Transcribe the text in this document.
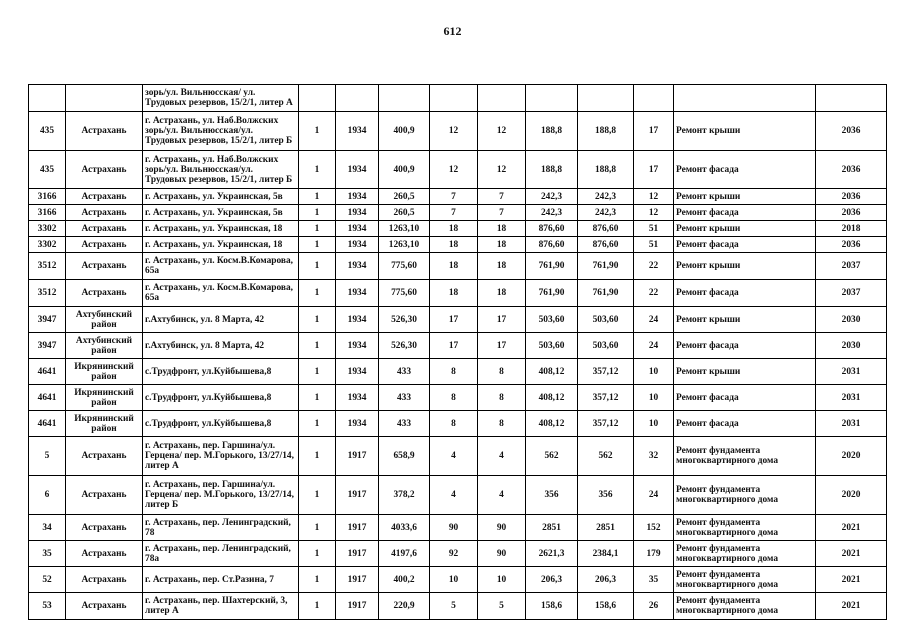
612
		зорь/ул. Вильнюсская/ ул. Трудовых резервов, 15/2/1, литер А										
435	Астрахань	г. Астрахань, ул. Наб.Волжских зорь/ул. Вильнюсская/ул. Трудовых резервов, 15/2/1, литер Б	1	1934	400,9	12	12	188,8	188,8	17	Ремонт крыши	2036
435	Астрахань	г. Астрахань, ул. Наб.Волжских зорь/ул. Вильнюсская/ул. Трудовых резервов, 15/2/1, литер Б	1	1934	400,9	12	12	188,8	188,8	17	Ремонт фасада	2036
3166	Астрахань	г. Астрахань, ул. Украинская, 5в	1	1934	260,5	7	7	242,3	242,3	12	Ремонт крыши	2036
3166	Астрахань	г. Астрахань, ул. Украинская, 5в	1	1934	260,5	7	7	242,3	242,3	12	Ремонт фасада	2036
3302	Астрахань	г. Астрахань, ул. Украинская, 18	1	1934	1263,10	18	18	876,60	876,60	51	Ремонт крыши	2018
3302	Астрахань	г. Астрахань, ул. Украинская, 18	1	1934	1263,10	18	18	876,60	876,60	51	Ремонт фасада	2036
3512	Астрахань	г. Астрахань, ул. Косм.В.Комарова, 65а	1	1934	775,60	18	18	761,90	761,90	22	Ремонт крыши	2037
3512	Астрахань	г. Астрахань, ул. Косм.В.Комарова, 65а	1	1934	775,60	18	18	761,90	761,90	22	Ремонт фасада	2037
3947	Ахтубинский район	г.Ахтубинск, ул. 8 Марта, 42	1	1934	526,30	17	17	503,60	503,60	24	Ремонт крыши	2030
3947	Ахтубинский район	г.Ахтубинск, ул. 8 Марта, 42	1	1934	526,30	17	17	503,60	503,60	24	Ремонт фасада	2030
4641	Икрянинский район	с.Трудфронт, ул.Куйбышева,8	1	1934	433	8	8	408,12	357,12	10	Ремонт крыши	2031
4641	Икрянинский район	с.Трудфронт, ул.Куйбышева,8	1	1934	433	8	8	408,12	357,12	10	Ремонт фасада	2031
4641	Икрянинский район	с.Трудфронт, ул.Куйбышева,8	1	1934	433	8	8	408,12	357,12	10	Ремонт фасада	2031
5	Астрахань	г. Астрахань, пер. Гаршина/ул. Герцена/ пер. М.Горького, 13/27/14, литер А	1	1917	658,9	4	4	562	562	32	Ремонт фундамента многоквартирного дома	2020
6	Астрахань	г. Астрахань, пер. Гаршина/ул. Герцена/ пер. М.Горького, 13/27/14, литер Б	1	1917	378,2	4	4	356	356	24	Ремонт фундамента многоквартирного дома	2020
34	Астрахань	г. Астрахань, пер. Ленинградский, 78	1	1917	4033,6	90	90	2851	2851	152	Ремонт фундамента многоквартирного дома	2021
35	Астрахань	г. Астрахань, пер. Ленинградский, 78а	1	1917	4197,6	92	90	2621,3	2384,1	179	Ремонт фундамента многоквартирного дома	2021
52	Астрахань	г. Астрахань, пер. Ст.Разина, 7	1	1917	400,2	10	10	206,3	206,3	35	Ремонт фундамента многоквартирного дома	2021
53	Астрахань	г. Астрахань, пер. Шахтерский, 3, литер А	1	1917	220,9	5	5	158,6	158,6	26	Ремонт фундамента многоквартирного дома	2021
